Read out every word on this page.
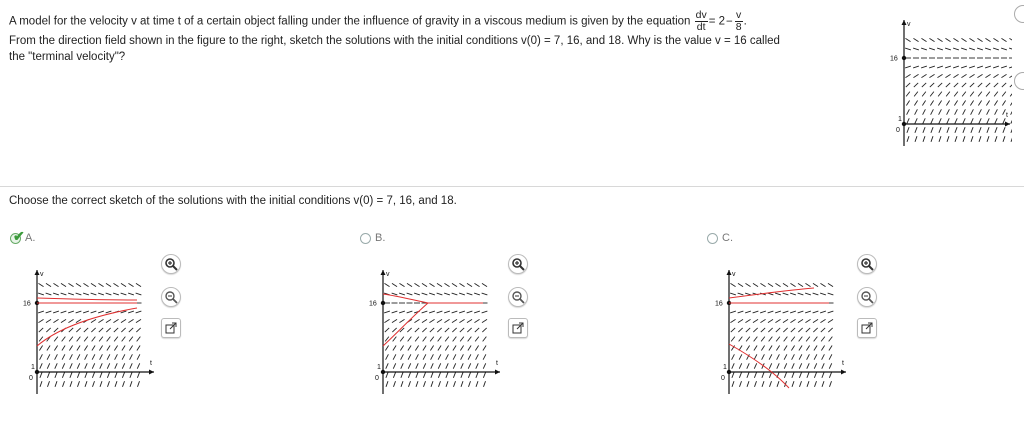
A model for the velocity v at time t of a certain object falling under the influence of gravity in a viscous medium is given by the equation $\frac{dv}{dt} = 2- \frac{v}{8}$ .
From the direction field shown in the figure to the right, sketch the solutions with the initial conditions v(0) = 7, 16, and 18. Why is the value v = 16 called
the "terminal velocity"?
v
t
16
1
0
Choose the correct sketch of the solutions with the initial conditions v(0) = 7, 16, and 18.
✔ A.	B.	C.
v
t
16
1
0
v
t
16
1
0
v
t
16
1
0
